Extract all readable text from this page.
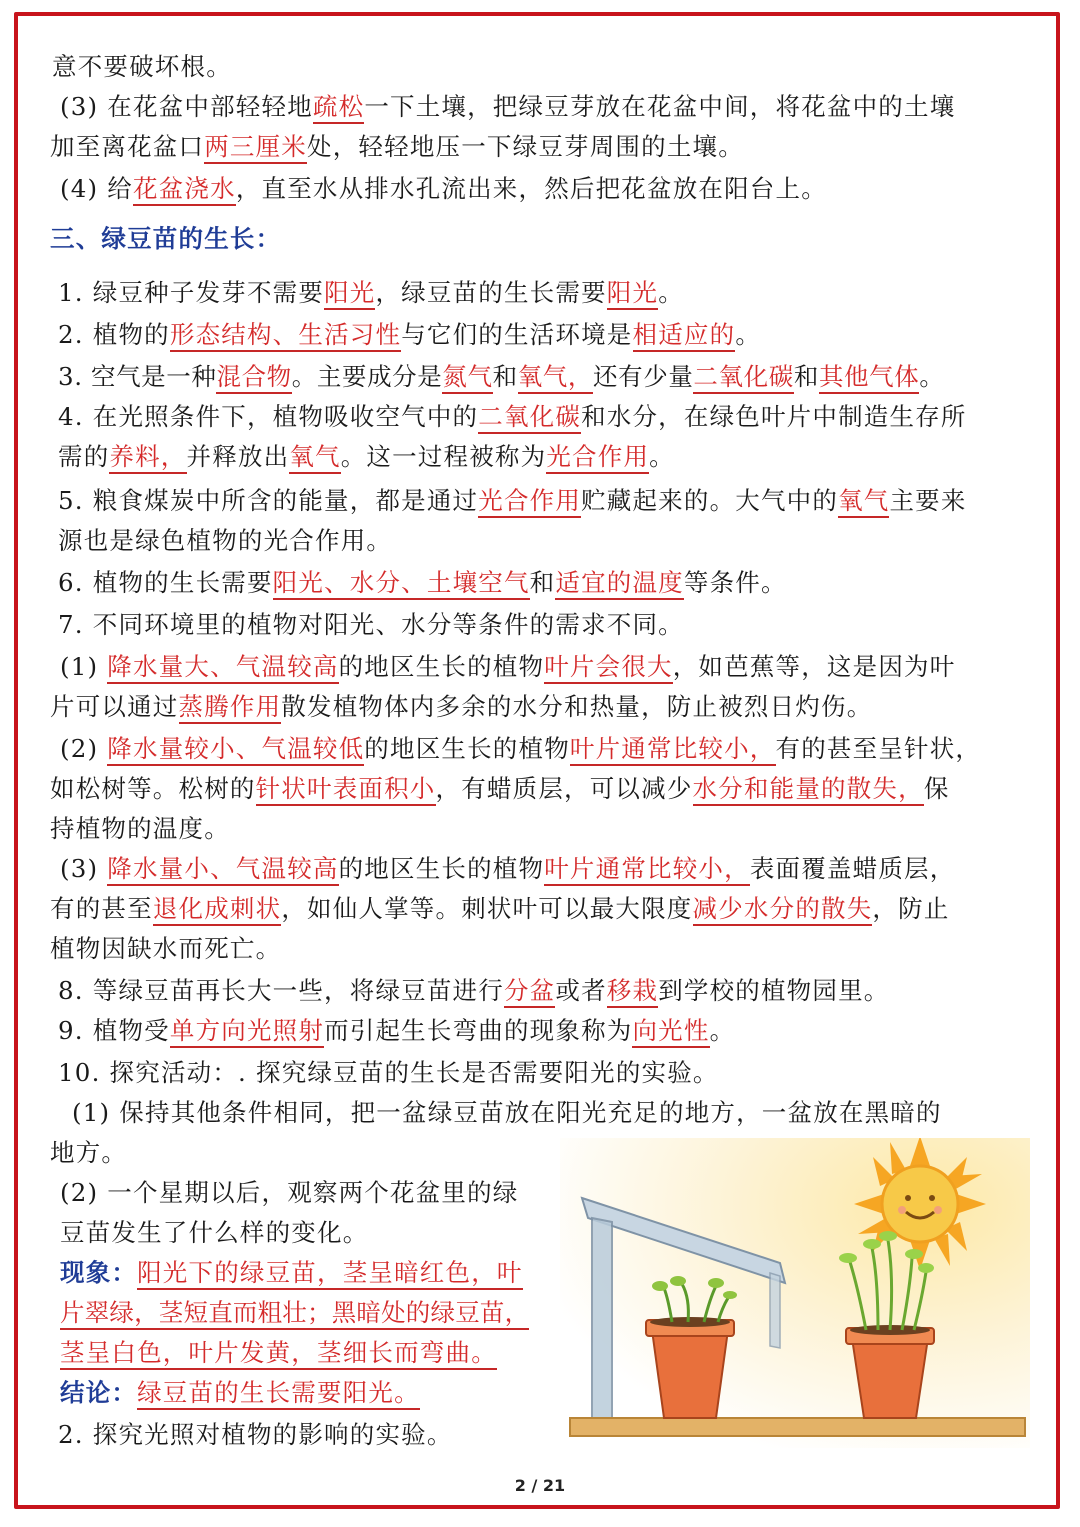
意不要破坏根。
(3) 在花盆中部轻轻地疏松一下土壤，把绿豆芽放在花盆中间，将花盆中的土壤
加至离花盆口两三厘米处，轻轻地压一下绿豆芽周围的土壤。
(4) 给花盆浇水，直至水从排水孔流出来，然后把花盆放在阳台上。
三、绿豆苗的生长：
1. 绿豆种子发芽不需要阳光，绿豆苗的生长需要阳光。
2. 植物的形态结构、生活习性与它们的生活环境是相适应的。
3. 空气是一种混合物。主要成分是氮气和氧气，还有少量二氧化碳和其他气体。
4. 在光照条件下，植物吸收空气中的二氧化碳和水分，在绿色叶片中制造生存所
需的养料，并释放出氧气。这一过程被称为光合作用。
5. 粮食煤炭中所含的能量，都是通过光合作用贮藏起来的。大气中的氧气主要来
源也是绿色植物的光合作用。
6. 植物的生长需要阳光、水分、土壤空气和适宜的温度等条件。
7. 不同环境里的植物对阳光、水分等条件的需求不同。
(1) 降水量大、气温较高的地区生长的植物叶片会很大，如芭蕉等，这是因为叶
片可以通过蒸腾作用散发植物体内多余的水分和热量，防止被烈日灼伤。
(2) 降水量较小、气温较低的地区生长的植物叶片通常比较小，有的甚至呈针状，
如松树等。松树的针状叶表面积小，有蜡质层，可以减少水分和能量的散失，保
持植物的温度。
(3) 降水量小、气温较高的地区生长的植物叶片通常比较小，表面覆盖蜡质层，
有的甚至退化成刺状，如仙人掌等。刺状叶可以最大限度减少水分的散失，防止
植物因缺水而死亡。
8. 等绿豆苗再长大一些，将绿豆苗进行分盆或者移栽到学校的植物园里。
9. 植物受单方向光照射而引起生长弯曲的现象称为向光性。
10. 探究活动：. 探究绿豆苗的生长是否需要阳光的实验。
(1) 保持其他条件相同，把一盆绿豆苗放在阳光充足的地方，一盆放在黑暗的
地方。
(2) 一个星期以后，观察两个花盆里的绿
豆苗发生了什么样的变化。
现象：阳光下的绿豆苗，茎呈暗红色，叶
片翠绿，茎短直而粗壮；黑暗处的绿豆苗，
茎呈白色，叶片发黄，茎细长而弯曲。
结论：绿豆苗的生长需要阳光。
2. 探究光照对植物的影响的实验。
2 / 21
